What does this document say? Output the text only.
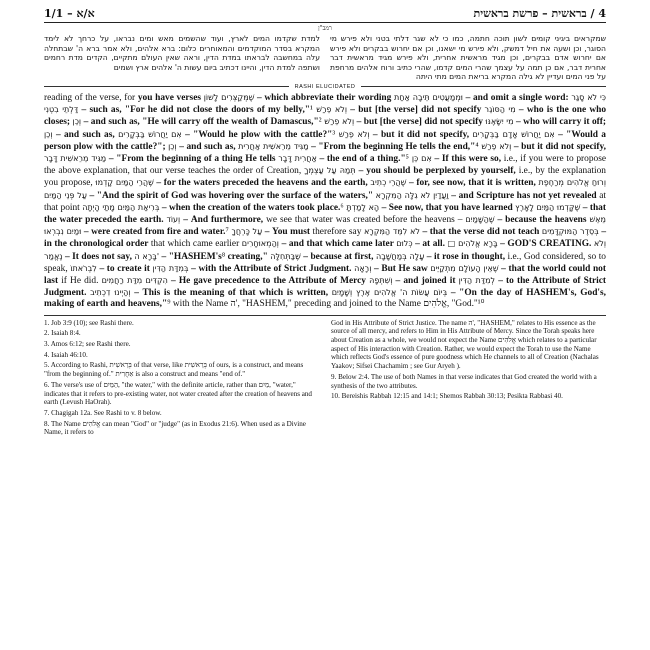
א/א – 1/1	4 / בראשית – פרשת בראשית
רמב"ן
למדת שקדמו המים לארץ, ועוד שהשמים מאש ומים נבראו, על כרחך לא לימד המקרא בסדר המוקדמים והמאוחרים כלום: ברא אלהים, ולא אמר ברא ה' שבתחלה עלה במחשבה לבראתו במדת הדין, וראה שאין העולם מתקיים, הקדים מדת רחמים ושתפה למדת הדין, והיינו דכתיב ביום עשות ה' אלהים ארץ ושמים
שמקראים ביגיני קומים לשון תוכה חתמה, כמו כי לא שגר דלתי בטני ולא פירש מי הסוגר, וכן ושעה את חיל דמשק, ולא פירש מי ישאנו, וכן אם יחרוש בבקרים ולא פירש אם יחרוש אדם בבקרים, וכן מגיד מראשית אחרית, ולא פירש מגיד מראשית דבר אחרית דבר, אם כן תמה על עצמך שהרי המים קדמו, שהרי כתיב ורוח אלהים מרחפת על פני המים ועדיין לא גילה המקרא בריאת המים מתי היתה
RASHI ELUCIDATED

reading of the verse, for you have verses שֶׁמְּקַצְּרִים לָשׁוֹן – which abbreviate their wording וּמְמַעֲטִים תֵּיבָה אַחַת – and omit a single word: כִּי לֹא סָגַר דַּלְתֵי בִטְנִי – such as, "For he did not close the doors of my belly,"¹ וְלֹא פֵרַשׁ – but [the verse] did not specify מִי הַסּוֹגֵר – who is the one who closes; וְכֵן – and such as, "He will carry off the wealth of Damascus,"² וְלֹא פֵרַשׁ – but [the verse] did not specify מִי יִשָּׂאֶנּוּ – who will carry it off; וְכֵן – and such as, אִם יַחֲרוֹשׁ בַּבְּקָרִים – "Would he plow with the cattle?"³ וְלֹא פֵרַשׁ – but it did not specify, אִם יַחֲרוֹשׁ אָדָם בַּבְּקָרִים – "Would a person plow with the cattle?"; וְכֵן – and such as, מַגִּיד מֵרֵאשִׁית אַחֲרִית – "From the beginning He tells the end,"⁴ וְלֹא פֵרַשׁ – but it did not specify, מַגִּיד מֵרֵאשִׁית דָּבָר – "From the beginning of a thing He tells אַחֲרִית דָּבָר – the end of a thing."⁵ אִם כֵּן – If this were so, i.e., if you were to propose the above explanation, that our verse teaches the order of Creation, תְּמַהּ עַל עַצְמְךָ – you should be perplexed by yourself, i.e., by the explanation you propose, שֶׁהֲרֵי הַמַּיִם קָדְמוּ – for the waters preceded the heavens and the earth, שֶׁהֲרֵי כְתִיב – for, see now, that it is written, וְרוּחַ אֱלֹהִים מְרַחֶפֶת עַל פְּנֵי הַמַּיִם – "And the spirit of God was hovering over the surface of the waters," וַעֲדַיִן לֹא גִלָּה הַמִּקְרָא – and Scripture has not yet revealed at that point בְּרִיאַת הַמַּיִם מָתַי הָיְתָה – when the creation of the waters took place.⁶ הָא לָמַדְתָּ – See now, that you have learned שֶׁקָּדְמוּ הַמַּיִם לָאָרֶץ – that the water preceded the earth. וְעוֹד – And furthermore, we see that water was created before the heavens – שֶׁהַשָּׁמַיִם – because the heavens מֵאֵשׁ וּמַיִם נִבְרְאוּ – were created from fire and water.⁷ עַל כָּרְחֲךָ – You must therefore say לֹא לִמֵּד הַמִּקְרָא – that the verse did not teach בְּסֵדֶר הַמּוּקְדָּמִים – in the chronological order that which came earlier וְהַמְאוּחָרִים – and that which came later כְּלוּם – at all. □ בָּרָא אֱלֹהִים – GOD'S CREATING. וְלֹא נֶאֱמַר – It does not say, בָּרָא ה' – "HASHEM's⁸ creating," שֶׁבַּתְּחִלָּה – because at first, עָלָה בְּמַחֲשָׁבָה – it rose in thought, i.e., God considered, so to speak, לִבְרֹאתוֹ – to create it בְּמִדַּת הַדִּין – with the Attribute of Strict Judgment. וְרָאָה – But He saw שֶׁאֵין הָעוֹלָם מִתְקַיֵּים – that the world could not last if He did. הִקְדִּים מִדַּת רַחֲמִים – He gave precedence to the Attribute of Mercy וְשִׁתְּפָהּ – and joined it לְמִדַּת הַדִּין – to the Attribute of Strict Judgment. וְהַיְינוּ דִכְתִיב – This is the meaning of that which is written, בְּיוֹם עֲשׂוֹת ה' אֱלֹהִים אֶרֶץ וְשָׁמָיִם – "On the day of HASHEM's, God's, making of earth and heavens,"⁹ with the Name ה', "HASHEM," preceding and joined to the Name אֱלֹהִים, "God."¹⁰

1. Job 3:9 (10); see Rashi there.

2. Isaiah 8:4.

3. Amos 6:12; see Rashi there.

4. Isaiah 46:10.

5. According to Rashi, בְּרֵאשִׁית of that verse, like בְּרֵאשִׁית of ours, is a construct, and means "from the beginning of." אַחֲרִית is also a construct and means "end of."

6. The verse's use of הַמַּיִם, "the water," with the definite article, rather than מַיִם, "water," indicates that it refers to pre-existing water, not water created after the creation of heavens and earth (Levush HaOrah).

7. Chagigah 12a. See Rashi to v. 8 below.

8. The Name אֱלֹהִים can mean "God" or "judge" (as in Exodus 21:6). When used as a Divine Name, it refers to

God in His Attribute of Strict Justice. The name ה', "HASHEM," relates to His essence as the source of all mercy, and refers to Him in His Attribute of Mercy. Since the Torah speaks here about Creation as a whole, we would not expect the Name אֱלֹהִים which relates to a particular aspect of His interaction with Creation. Rather, we would expect the Torah to use the Name which reflects God's essence of pure goodness which He channels to all of Creation (Nachalas Yaakov; Sifsei Chachamim ; see Gur Aryeh ).

9. Below 2:4. The use of both Names in that verse indicates that God created the world with a synthesis of the two attributes.

10. Bereishis Rabbah 12:15 and 14:1; Shemos Rabbah 30:13; Pesikta Rabbasi 40.
